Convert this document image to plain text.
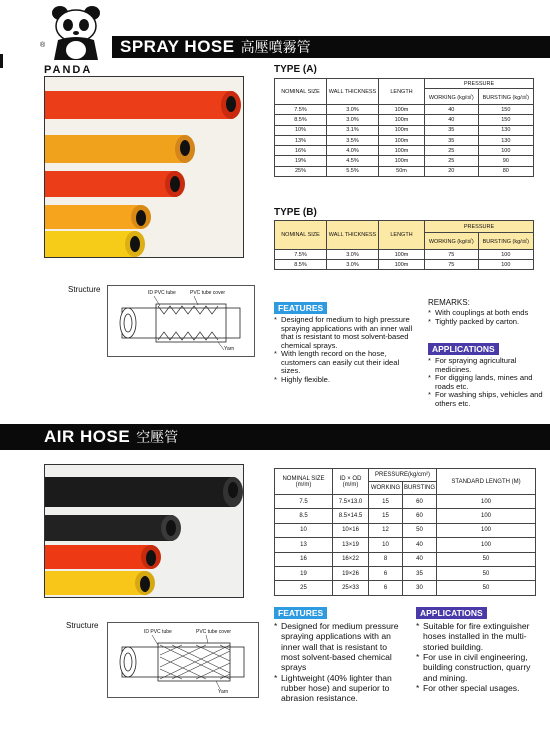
®
PANDA
SPRAY HOSE 高壓噴霧管
TYPE (A)
NOMINAL SIZE	WALL THICKNESS	LENGTH	PRESSURE	
			WORKING (kg/㎠)	BURSTING (kg/㎠)
7.5%	3.0%	100m	40	150
8.5%	3.0%	100m	40	150
10%	3.1%	100m	35	130
13%	3.5%	100m	35	130
16%	4.0%	100m	25	100
19%	4.5%	100m	25	90
25%	5.5%	50m	20	80
TYPE (B)
NOMINAL SIZE	WALL THICKNESS	LENGTH	PRESSURE	
			WORKING (kg/㎠)	BURSTING (kg/㎠)
7.5%	3.0%	100m	75	100
8.5%	3.0%	100m	75	100
Structure	ID PVC tube	PVC tube cover
Yarn
FEATURES
* Designed for medium to high pressure spraying applications with an inner wall that is resistant to most solvent-based chemical sprays.
* With length record on the hose, customers can easily cut their ideal sizes.
* Highly flexible.
REMARKS:
* With couplings at both ends
* Tightly packed by carton.
APPLICATIONS
* For spraying agricultural medicines.
* For digging lands, mines and roads etc.
* For washing ships, vehicles and others etc.
AIR HOSE 空壓管
NOMINAL SIZE (m/m)	ID × OD (m/m)	PRESSURE(kg/cm²)		STANDARD LENGTH (M)
		WORKING	BURSTING	
7.5	7.5×13.0	15	60	100
8.5	8.5×14.5	15	60	100
10	10×16	12	50	100
13	13×19	10	40	100
16	16×22	8	40	50
19	19×26	6	35	50
25	25×33	6	30	50
Structure
ID PVC tube	PVC tube cover
Yarn
FEATURES
* Designed for medium pressure spraying applications with an inner wall that is resistant to most solvent-based chemical sprays
* Lightweight (40% lighter than rubber hose) and superior to abrasion resistance.
APPLICATIONS
* Suitable for fire extinguisher hoses installed in the multi-storied building.
* For use in civil engineering, building construction, quarry and mining.
* For other special usages.
